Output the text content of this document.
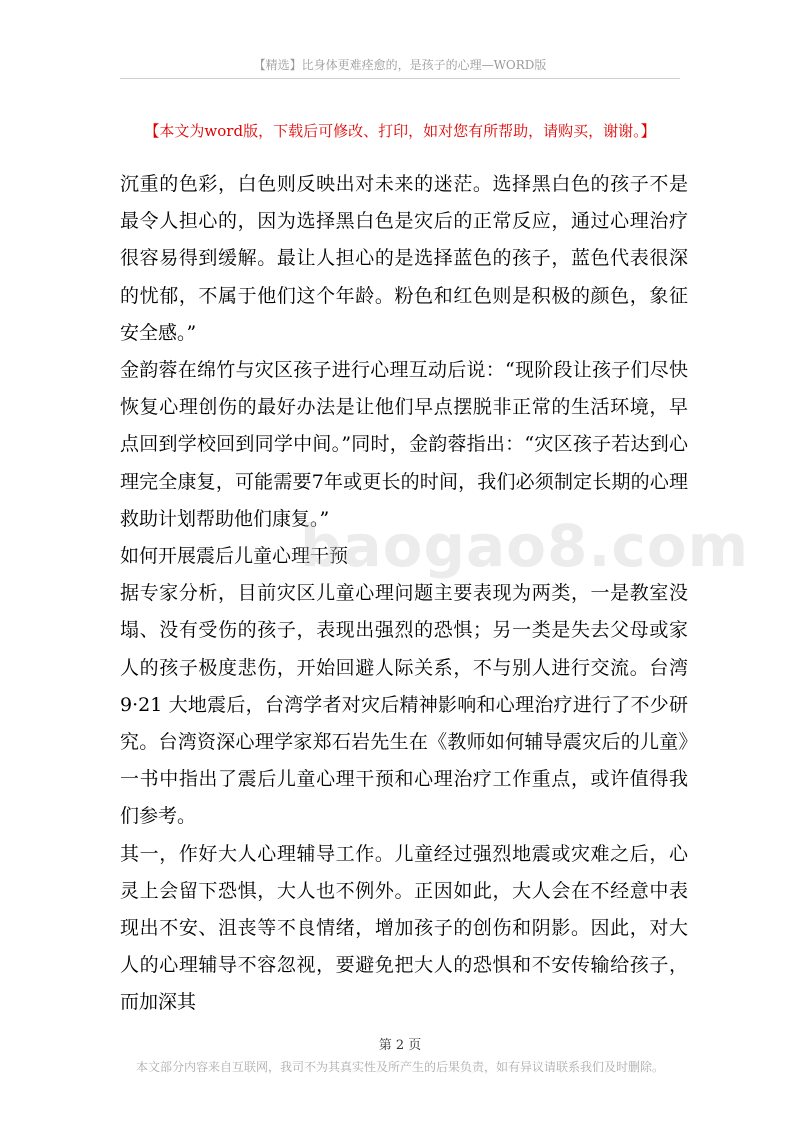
【精选】比身体更难痊愈的，是孩子的心理—WORD版
【本文为word版，下载后可修改、打印，如对您有所帮助，请购买，谢谢。】

沉重的色彩，白色则反映出对未来的迷茫。选择黑白色的孩子不是最令人担心的，因为选择黑白色是灾后的正常反应，通过心理治疗很容易得到缓解。最让人担心的是选择蓝色的孩子，蓝色代表很深的忧郁，不属于他们这个年龄。粉色和红色则是积极的颜色，象征安全感。”

金韵蓉在绵竹与灾区孩子进行心理互动后说：“现阶段让孩子们尽快恢复心理创伤的最好办法是让他们早点摆脱非正常的生活环境，早点回到学校回到同学中间。”同时，金韵蓉指出：“灾区孩子若达到心理完全康复，可能需要7年或更长的时间，我们必须制定长期的心理救助计划帮助他们康复。”

如何开展震后儿童心理干预

据专家分析，目前灾区儿童心理问题主要表现为两类，一是教室没塌、没有受伤的孩子，表现出强烈的恐惧；另一类是失去父母或家人的孩子极度悲伤，开始回避人际关系，不与别人进行交流。台湾 9·21 大地震后，台湾学者对灾后精神影响和心理治疗进行了不少研究。台湾资深心理学家郑石岩先生在《教师如何辅导震灾后的儿童》一书中指出了震后儿童心理干预和心理治疗工作重点，或许值得我们参考。

其一，作好大人心理辅导工作。儿童经过强烈地震或灾难之后，心灵上会留下恐惧，大人也不例外。正因如此，大人会在不经意中表现出不安、沮丧等不良情绪，增加孩子的创伤和阴影。因此，对大人的心理辅导不容忽视，要避免把大人的恐惧和不安传输给孩子，而加深其

baogao8.com
第 2 页
本文部分内容来自互联网，我司不为其真实性及所产生的后果负责，如有异议请联系我们及时删除。
